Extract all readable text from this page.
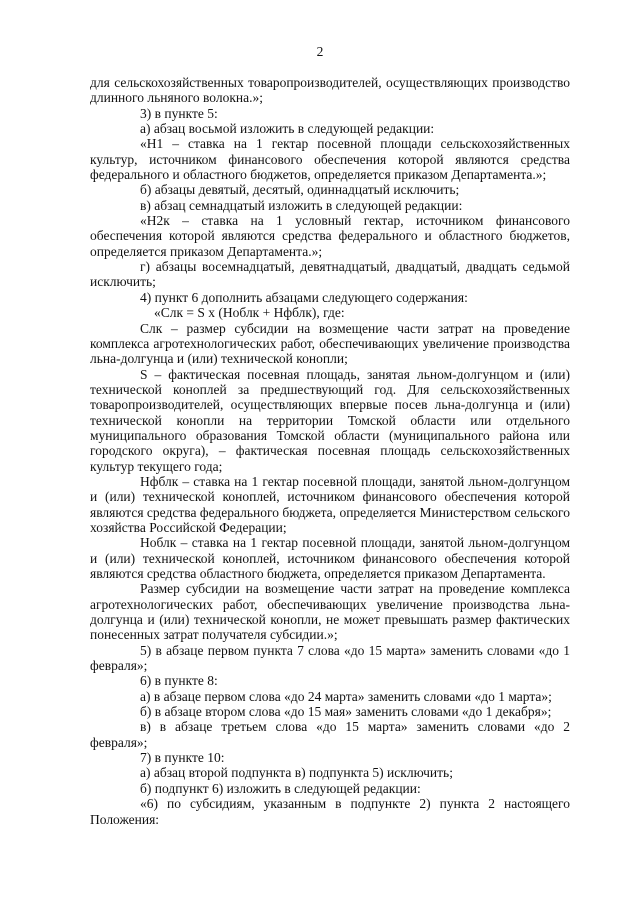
2

для сельскохозяйственных товаропроизводителей, осуществляющих производство длинного льняного волокна.»;

3) в пункте 5:

а) абзац восьмой изложить в следующей редакции:

«Н1 – ставка на 1 гектар посевной площади сельскохозяйственных культур, источником финансового обеспечения которой являются средства федерального и областного бюджетов, определяется приказом Департамента.»;

б) абзацы девятый, десятый, одиннадцатый исключить;

в) абзац семнадцатый изложить в следующей редакции:

«Н2к – ставка на 1 условный гектар, источником финансового обеспечения которой являются средства федерального и областного бюджетов, определяется приказом Департамента.»;

г) абзацы восемнадцатый, девятнадцатый, двадцатый, двадцать седьмой исключить;

4) пункт 6 дополнить абзацами следующего содержания:

«Слк = S x (Ноблк + Нфблк), где:

Слк – размер субсидии на возмещение части затрат на проведение комплекса агротехнологических работ, обеспечивающих увеличение производства льна-долгунца и (или) технической конопли;

S – фактическая посевная площадь, занятая льном-долгунцом и (или) технической коноплей за предшествующий год. Для сельскохозяйственных товаропроизводителей, осуществляющих впервые посев льна-долгунца и (или) технической конопли на территории Томской области или отдельного муниципального образования Томской области (муниципального района или городского округа), – фактическая посевная площадь сельскохозяйственных культур текущего года;

Нфблк – ставка на 1 гектар посевной площади, занятой льном-долгунцом и (или) технической коноплей, источником финансового обеспечения которой являются средства федерального бюджета, определяется Министерством сельского хозяйства Российской Федерации;

Ноблк – ставка на 1 гектар посевной площади, занятой льном-долгунцом и (или) технической коноплей, источником финансового обеспечения которой являются средства областного бюджета, определяется приказом Департамента.

Размер субсидии на возмещение части затрат на проведение комплекса агротехнологических работ, обеспечивающих увеличение производства льна-долгунца и (или) технической конопли, не может превышать размер фактических понесенных затрат получателя субсидии.»;

5) в абзаце первом пункта 7 слова «до 15 марта» заменить словами «до 1 февраля»;

6) в пункте 8:

а) в абзаце первом слова «до 24 марта» заменить словами «до 1 марта»;

б) в абзаце втором слова «до 15 мая» заменить словами «до 1 декабря»;

в) в абзаце третьем слова «до 15 марта» заменить словами «до 2 февраля»;

7) в пункте 10:

а) абзац второй подпункта в) подпункта 5) исключить;

б) подпункт 6) изложить в следующей редакции:

«6) по субсидиям, указанным в подпункте 2) пункта 2 настоящего Положения:
